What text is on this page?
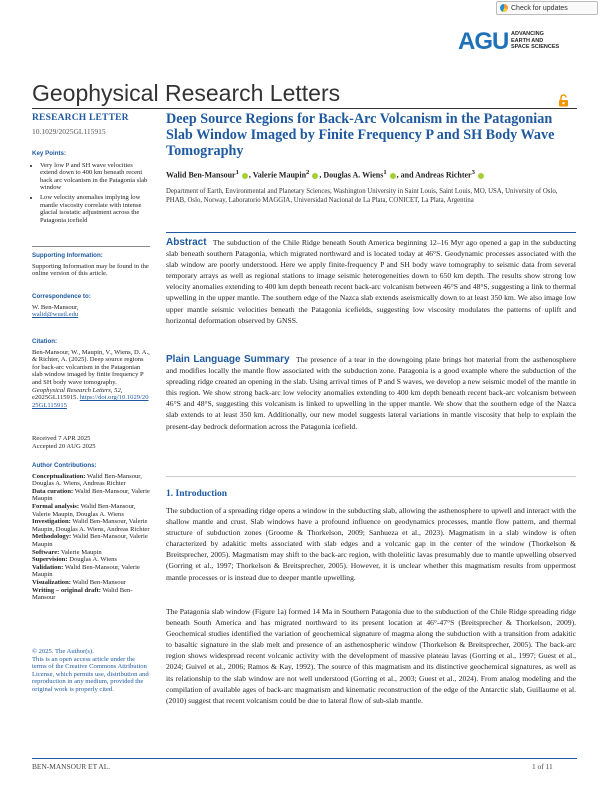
Check for updates
AGU ADVANCING
EARTH AND
SPACE SCIENCES
Geophysical Research Letters
RESEARCH LETTER
10.1029/2025GL115915
Key Points:
• Very low P and SH wave velocities extend down to 400 km beneath recent back arc volcanism in the Patagonia slab window
• Low velocity anomalies implying low mantle viscosity correlate with intense glacial isostatic adjustment across the Patagonia icefield
Supporting Information:
Supporting Information may be found in the online version of this article.
Correspondence to:
W. Ben-Mansour,
walid@wustl.edu
Citation:
Ben-Mansour, W., Maupin, V., Wiens, D. A., & Richter, A. (2025). Deep source regions for back-arc volcanism in the Patagonian slab window imaged by finite frequency P and SH body wave tomography. Geophysical Research Letters, 52, e2025GL115915. https://doi.org/10.1029/2025GL115915
Received 7 APR 2025
Accepted 20 AUG 2025
Author Contributions:
Conceptualization: Walid Ben-Mansour, Douglas A. Wiens, Andreas Richter
Data curation: Walid Ben-Mansour, Valerie Maupin
Formal analysis: Walid Ben-Mansour, Valerie Maupin, Douglas A. Wiens
Investigation: Walid Ben-Mansour, Valerie Maupin, Douglas A. Wiens, Andreas Richter
Methodology: Walid Ben-Mansour, Valerie Maupin
Software: Valerie Maupin
Supervision: Douglas A. Wiens
Validation: Walid Ben-Mansour, Valerie Maupin
Visualization: Walid Ben-Mansour
Writing – original draft: Walid Ben-Mansour
© 2025. The Author(s).
This is an open access article under the terms of the Creative Commons Attribution License, which permits use, distribution and reproduction in any medium, provided the original work is properly cited.
Deep Source Regions for Back-Arc Volcanism in the Patagonian Slab Window Imaged by Finite Frequency P and SH Body Wave Tomography
Walid Ben-Mansour$^1$ , Valerie Maupin$^2$ , Douglas A. Wiens$^1$ , and Andreas Richter$^3$
Department of Earth, Environmental and Planetary Sciences, Washington University in Saint Louis, Saint Louis, MO, USA, University of Oslo, PHAB, Oslo, Norway, Laboratorio MAGGIA, Universidad Nacional de La Plata, CONICET, La Plata, Argentina
Abstract The subduction of the Chile Ridge beneath South America beginning 12–16 Myr ago opened a gap in the subducting slab beneath southern Patagonia, which migrated northward and is located today at 46°S. Geodynamic processes associated with the slab window are poorly understood. Here we apply finite-frequency P and SH body wave tomography to seismic data from several temporary arrays as well as regional stations to image seismic heterogeneities down to 650 km depth. The results show strong low velocity anomalies extending to 400 km depth beneath recent back-arc volcanism between 46°S and 48°S, suggesting a link to thermal upwelling in the upper mantle. The southern edge of the Nazca slab extends aseismically down to at least 350 km. We also image low upper mantle seismic velocities beneath the Patagonia icefields, suggesting low viscosity modulates the patterns of uplift and horizontal deformation observed by GNSS.
Plain Language Summary The presence of a tear in the downgoing plate brings hot material from the asthenosphere and modifies locally the mantle flow associated with the subduction zone. Patagonia is a good example where the subduction of the spreading ridge created an opening in the slab. Using arrival times of P and S waves, we develop a new seismic model of the mantle in this region. We show strong back-arc low velocity anomalies extending to 400 km depth beneath recent back-arc volcanism between 46°S and 48°S, suggesting this volcanism is linked to upwelling in the upper mantle. We show that the southern edge of the Nazca slab extends to at least 350 km. Additionally, our new model suggests lateral variations in mantle viscosity that help to explain the present-day bedrock deformation across the Patagonia icefield.
1. Introduction
The subduction of a spreading ridge opens a window in the subducting slab, allowing the asthenosphere to upwell and interact with the shallow mantle and crust. Slab windows have a profound influence on geodynamics processes, mantle flow pattern, and thermal structure of subduction zones (Groome & Thorkelson, 2009; Sanhueza et al., 2023). Magmatism in a slab window is often characterized by adakitic melts associated with slab edges and a volcanic gap in the center of the window (Thorkelson & Breitsprecher, 2005). Magmatism may shift to the back-arc region, with tholeiitic lavas presumably due to mantle upwelling observed (Gorring et al., 1997; Thorkelson & Breitsprecher, 2005). However, it is unclear whether this magmatism results from uppermost mantle processes or is instead due to deeper mantle upwelling.
The Patagonia slab window (Figure 1a) formed 14 Ma in Southern Patagonia due to the subduction of the Chile Ridge spreading ridge beneath South America and has migrated northward to its present location at 46°-47°S (Breitsprecher & Thorkelson, 2009). Geochemical studies identified the variation of geochemical signature of magma along the subduction with a transition from adakitic to basaltic signature in the slab melt and presence of an asthenospheric window (Thorkelson & Breitsprecher, 2005). The back-arc region shows widespread recent volcanic activity with the development of massive plateau lavas (Gorring et al., 1997; Guest et al., 2024; Guivel et al., 2006; Ramos & Kay, 1992). The source of this magmatism and its distinctive geochemical signatures, as well as its relationship to the slab window are not well understood (Gorring et al., 2003; Guest et al., 2024). From analog modeling and the compilation of available ages of back-arc magmatism and kinematic reconstruction of the edge of the Antarctic slab, Guillaume et al. (2010) suggest that recent volcanism could be due to lateral flow of sub-slab mantle.
BEN-MANSOUR ET AL.	1 of 11
